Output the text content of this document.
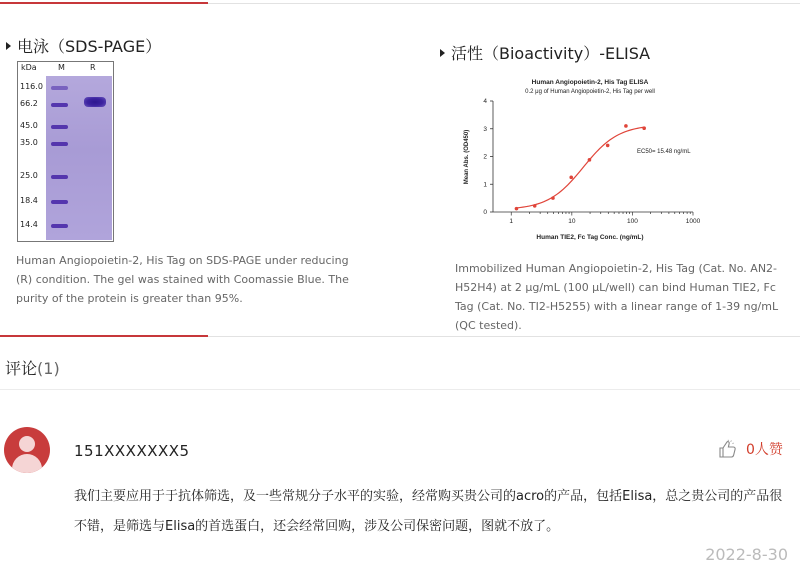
电泳（SDS-PAGE）
kDa	M	R
116.0
66.2
45.0
35.0
25.0
18.4
14.4
Human Angiopoietin-2, His Tag on SDS-PAGE under reducing (R) condition. The gel was stained with Coomassie Blue. The purity of the protein is greater than 95%.
活性（Bioactivity）-ELISA
Human Angiopoietin-2, His Tag ELISA
0.2 μg of Human Angiopoietin-2, His Tag per well
0
1
2
3
4
1	10	100	1000
Mean Abs. (OD450)
Human TIE2, Fc Tag Conc. (ng/mL)
EC50= 15.48 ng/mL
Immobilized Human Angiopoietin-2, His Tag (Cat. No. AN2-H52H4) at 2 μg/mL (100 μL/well) can bind Human TIE2, Fc Tag (Cat. No. TI2-H5255) with a linear range of 1-39 ng/mL (QC tested).
评论(1)
151XXXXXXX5	0人赞
我们主要应用于于抗体筛选，及一些常规分子水平的实验，经常购买贵公司的acro的产品，包括Elisa，总之贵公司的产品很不错，是筛选与Elisa的首选蛋白，还会经常回购，涉及公司保密问题，图就不放了。
2022-8-30
